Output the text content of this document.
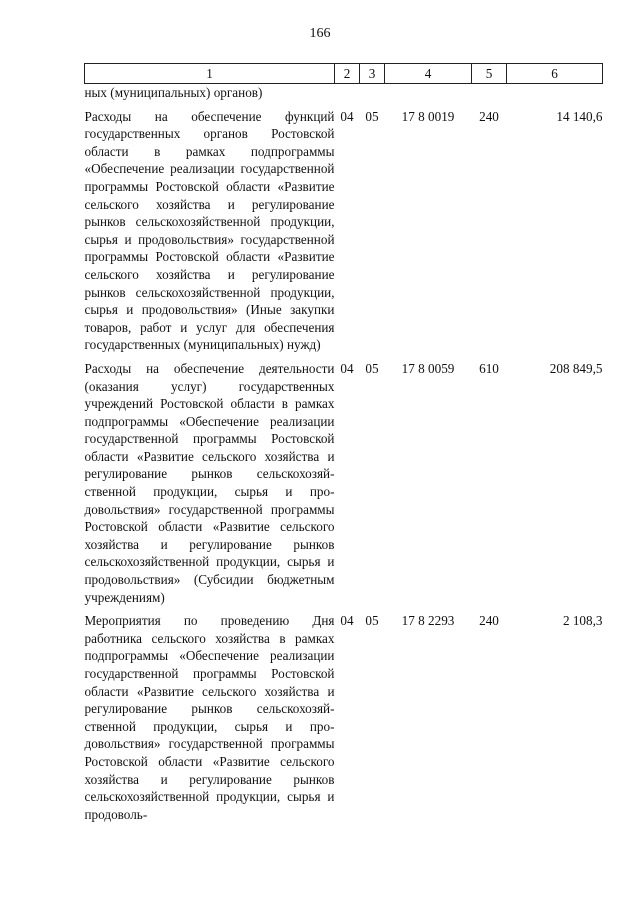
166
1	2	3	4	5	6
ных (муниципальных) органов)					
Расходы на обеспечение функций государственных органов Ростовской области в рамках подпрограммы «Обеспечение реализации государственной программы Ростовской области «Развитие сельского хозяйства и регулирование рынков сельскохозяйственной продукции, сырья и продовольствия» государственной программы Ростовской области «Развитие сельского хозяйства и регулирование рынков сельскохозяйственной продукции, сырья и продовольствия» (Иные закупки товаров, работ и услуг для обеспечения государственных (муниципальных) нужд)	04	05	17 8 0019	240	14 140,6
Расходы на обеспечение деятельности (оказания услуг) государственных учреждений Ростовской области в рамках подпрограммы «Обеспечение реализации государственной программы Ростовской области «Развитие сельского хозяйства и регулирование рынков сельскохозяйственной продукции, сырья и продовольствия» государственной программы Ростовской области «Развитие сельского хозяйства и регулирование рынков сельскохозяйственной продукции, сырья и продовольствия» (Субсидии бюджетным учреждениям)	04	05	17 8 0059	610	208 849,5
Мероприятия по проведению Дня работника сельского хозяйства в рамках подпрограммы «Обеспечение реализации государственной программы Ростовской области «Развитие сельского хозяйства и регулирование рынков сельскохозяйственной продукции, сырья и продовольствия» государственной программы Ростовской области «Развитие сельского хозяйства и регулирование рынков сельскохозяйственной продукции, сырья и продоволь-	04	05	17 8 2293	240	2 108,3
